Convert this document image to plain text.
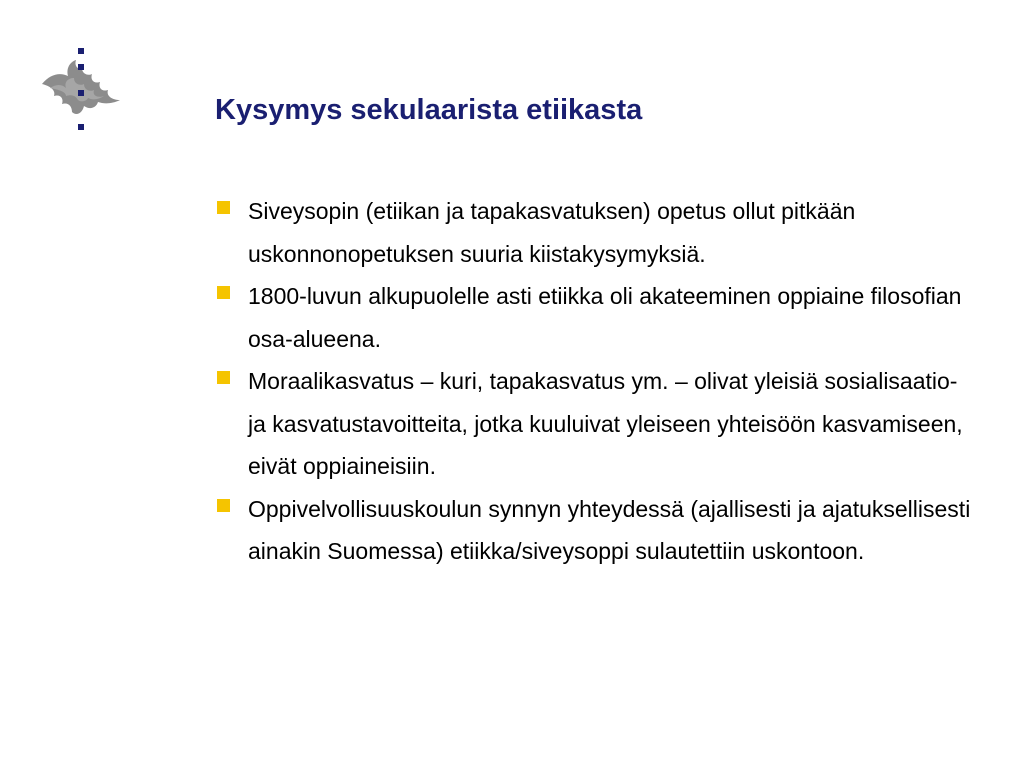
Kysymys sekulaarista etiikasta
Siveysopin (etiikan ja tapakasvatuksen) opetus ollut pitkään uskonnonopetuksen suuria kiistakysymyksiä.
1800-luvun alkupuolelle asti etiikka oli akateeminen oppiaine filosofian osa-alueena.
Moraalikasvatus – kuri, tapakasvatus ym. – olivat yleisiä sosialisaatio- ja kasvatustavoitteita, jotka kuuluivat yleiseen yhteisöön kasvamiseen, eivät oppiaineisiin.
Oppivelvollisuuskoulun synnyn yhteydessä (ajallisesti ja ajatuksellisesti ainakin Suomessa) etiikka/siveysoppi sulautettiin uskontoon.
